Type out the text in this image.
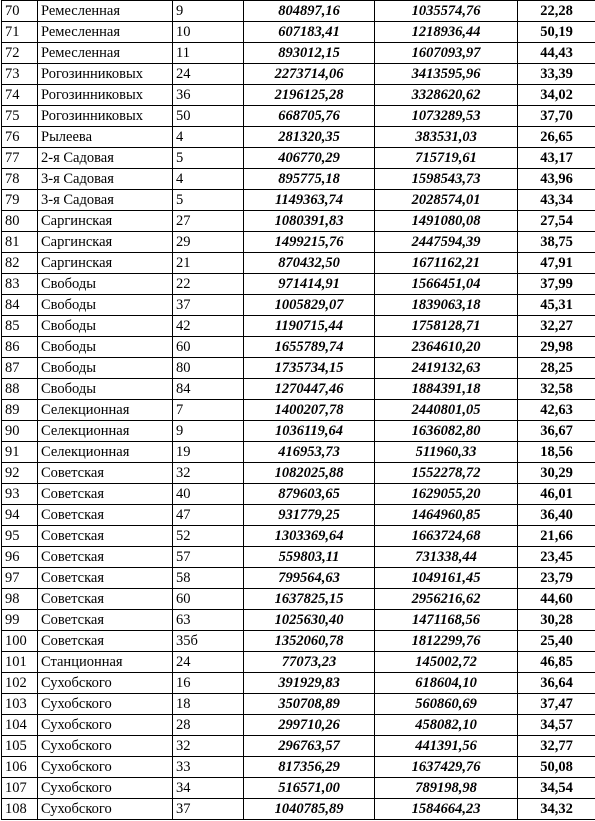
70	Ремесленная	9	804897,16	1035574,76	22,28
71	Ремесленная	10	607183,41	1218936,44	50,19
72	Ремесленная	11	893012,15	1607093,97	44,43
73	Рогозинниковых	24	2273714,06	3413595,96	33,39
74	Рогозинниковых	36	2196125,28	3328620,62	34,02
75	Рогозинниковых	50	668705,76	1073289,53	37,70
76	Рылеева	4	281320,35	383531,03	26,65
77	2-я Садовая	5	406770,29	715719,61	43,17
78	3-я Садовая	4	895775,18	1598543,73	43,96
79	3-я Садовая	5	1149363,74	2028574,01	43,34
80	Саргинская	27	1080391,83	1491080,08	27,54
81	Саргинская	29	1499215,76	2447594,39	38,75
82	Саргинская	21	870432,50	1671162,21	47,91
83	Свободы	22	971414,91	1566451,04	37,99
84	Свободы	37	1005829,07	1839063,18	45,31
85	Свободы	42	1190715,44	1758128,71	32,27
86	Свободы	60	1655789,74	2364610,20	29,98
87	Свободы	80	1735734,15	2419132,63	28,25
88	Свободы	84	1270447,46	1884391,18	32,58
89	Селекционная	7	1400207,78	2440801,05	42,63
90	Селекционная	9	1036119,64	1636082,80	36,67
91	Селекционная	19	416953,73	511960,33	18,56
92	Советская	32	1082025,88	1552278,72	30,29
93	Советская	40	879603,65	1629055,20	46,01
94	Советская	47	931779,25	1464960,85	36,40
95	Советская	52	1303369,64	1663724,68	21,66
96	Советская	57	559803,11	731338,44	23,45
97	Советская	58	799564,63	1049161,45	23,79
98	Советская	60	1637825,15	2956216,62	44,60
99	Советская	63	1025630,40	1471168,56	30,28
100	Советская	35б	1352060,78	1812299,76	25,40
101	Станционная	24	77073,23	145002,72	46,85
102	Сухобского	16	391929,83	618604,10	36,64
103	Сухобского	18	350708,89	560860,69	37,47
104	Сухобского	28	299710,26	458082,10	34,57
105	Сухобского	32	296763,57	441391,56	32,77
106	Сухобского	33	817356,29	1637429,76	50,08
107	Сухобского	34	516571,00	789198,98	34,54
108	Сухобского	37	1040785,89	1584664,23	34,32
